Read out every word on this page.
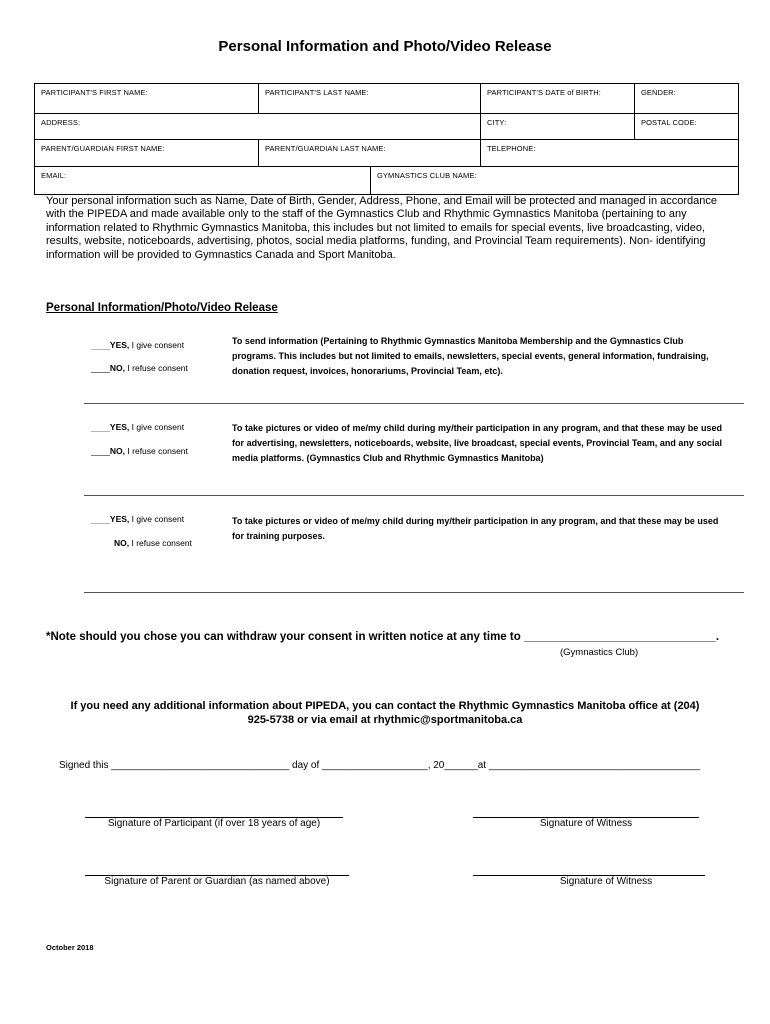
Personal Information and Photo/Video Release
PARTICIPANT'S FIRST NAME:	PARTICIPANT'S LAST NAME:		PARTICIPANT'S DATE of BIRTH:	GENDER:
ADDRESS:			CITY:	POSTAL CODE:
PARENT/GUARDIAN FIRST NAME:	PARENT/GUARDIAN LAST NAME:		TELEPHONE:	
EMAIL:		GYMNASTICS CLUB NAME:		
Your personal information such as Name, Date of Birth, Gender, Address, Phone, and Email will be protected and managed in accordance with the PIPEDA and made available only to the staff of the Gymnastics Club and Rhythmic Gymnastics Manitoba (pertaining to any information related to Rhythmic Gymnastics Manitoba, this includes but not limited to emails for special events, live broadcasting, video, results, website, noticeboards, advertising, photos, social media platforms, funding, and Provincial Team requirements). Non- identifying information will be provided to Gymnastics Canada and Sport Manitoba.
Personal Information/Photo/Video Release
____YES, I give consent
____NO, I refuse consent
To send information (Pertaining to Rhythmic Gymnastics Manitoba Membership and the Gymnastics Club programs. This includes but not limited to emails, newsletters, special events, general information, fundraising, donation request, invoices, honorariums, Provincial Team, etc).
____YES, I give consent
____NO, I refuse consent
To take pictures or video of me/my child during my/their participation in any program, and that these may be used for advertising, newsletters, noticeboards, website, live broadcast, special events, Provincial Team, and any social media platforms. (Gymnastics Club and Rhythmic Gymnastics Manitoba)
____YES, I give consent
NO, I refuse consent
To take pictures or video of me/my child during my/their participation in any program, and that these may be used for training purposes.
*Note should you chose you can withdraw your consent in written notice at any time to ______________________________.
(Gymnastics Club)
If you need any additional information about PIPEDA, you can contact the Rhythmic Gymnastics Manitoba office at (204)
925-5738 or via email at rhythmic@sportmanitoba.ca
Signed this ________________________________ day of ___________________, 20______at ______________________________________
Signature of Participant (if over 18 years of age)	Signature of Witness
Signature of Parent or Guardian (as named above)	Signature of Witness
October 2018
